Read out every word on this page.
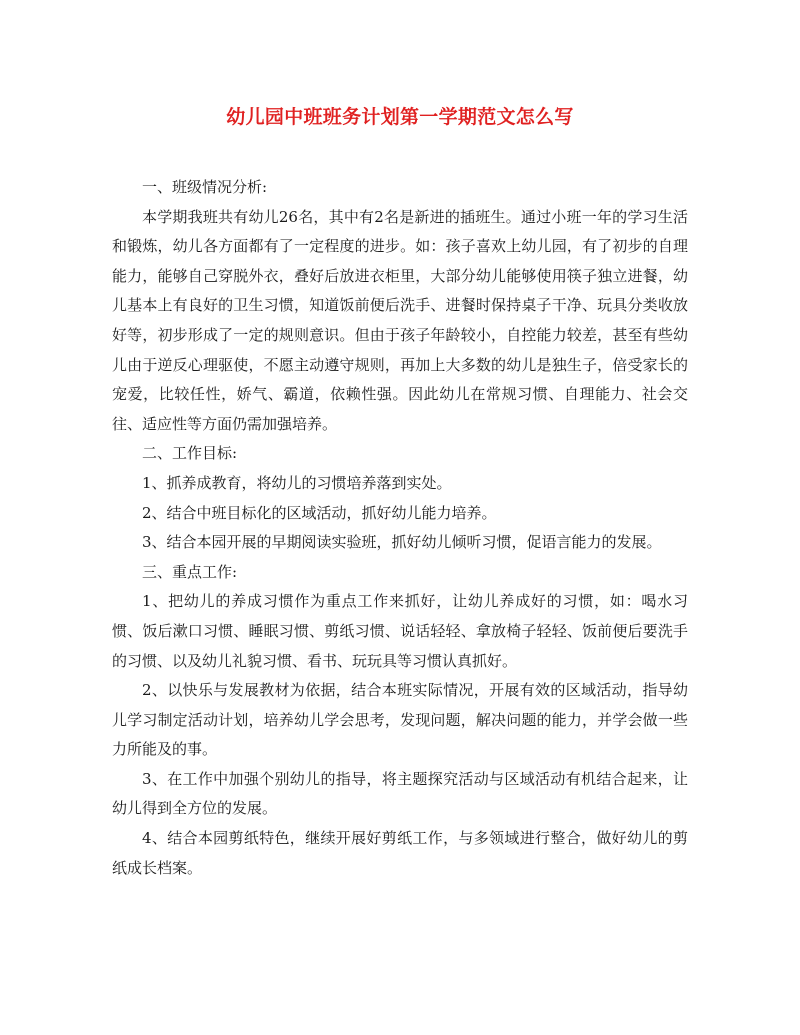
幼儿园中班班务计划第一学期范文怎么写

一、班级情况分析:

本学期我班共有幼儿26名，其中有2名是新进的插班生。通过小班一年的学习生活和锻炼，幼儿各方面都有了一定程度的进步。如：孩子喜欢上幼儿园，有了初步的自理能力，能够自己穿脱外衣，叠好后放进衣柜里，大部分幼儿能够使用筷子独立进餐，幼儿基本上有良好的卫生习惯，知道饭前便后洗手、进餐时保持桌子干净、玩具分类收放好等，初步形成了一定的规则意识。但由于孩子年龄较小，自控能力较差，甚至有些幼儿由于逆反心理驱使，不愿主动遵守规则，再加上大多数的幼儿是独生子，倍受家长的宠爱，比较任性，娇气、霸道，依赖性强。因此幼儿在常规习惯、自理能力、社会交往、适应性等方面仍需加强培养。

二、工作目标:

1、抓养成教育，将幼儿的习惯培养落到实处。

2、结合中班目标化的区域活动，抓好幼儿能力培养。

3、结合本园开展的早期阅读实验班，抓好幼儿倾听习惯，促语言能力的发展。

三、重点工作:

1、把幼儿的养成习惯作为重点工作来抓好，让幼儿养成好的习惯，如：喝水习惯、饭后漱口习惯、睡眠习惯、剪纸习惯、说话轻轻、拿放椅子轻轻、饭前便后要洗手的习惯、以及幼儿礼貌习惯、看书、玩玩具等习惯认真抓好。

2、以快乐与发展教材为依据，结合本班实际情况，开展有效的区域活动，指导幼儿学习制定活动计划，培养幼儿学会思考，发现问题，解决问题的能力，并学会做一些力所能及的事。

3、在工作中加强个别幼儿的指导，将主题探究活动与区域活动有机结合起来，让幼儿得到全方位的发展。

4、结合本园剪纸特色，继续开展好剪纸工作，与多领域进行整合，做好幼儿的剪纸成长档案。
